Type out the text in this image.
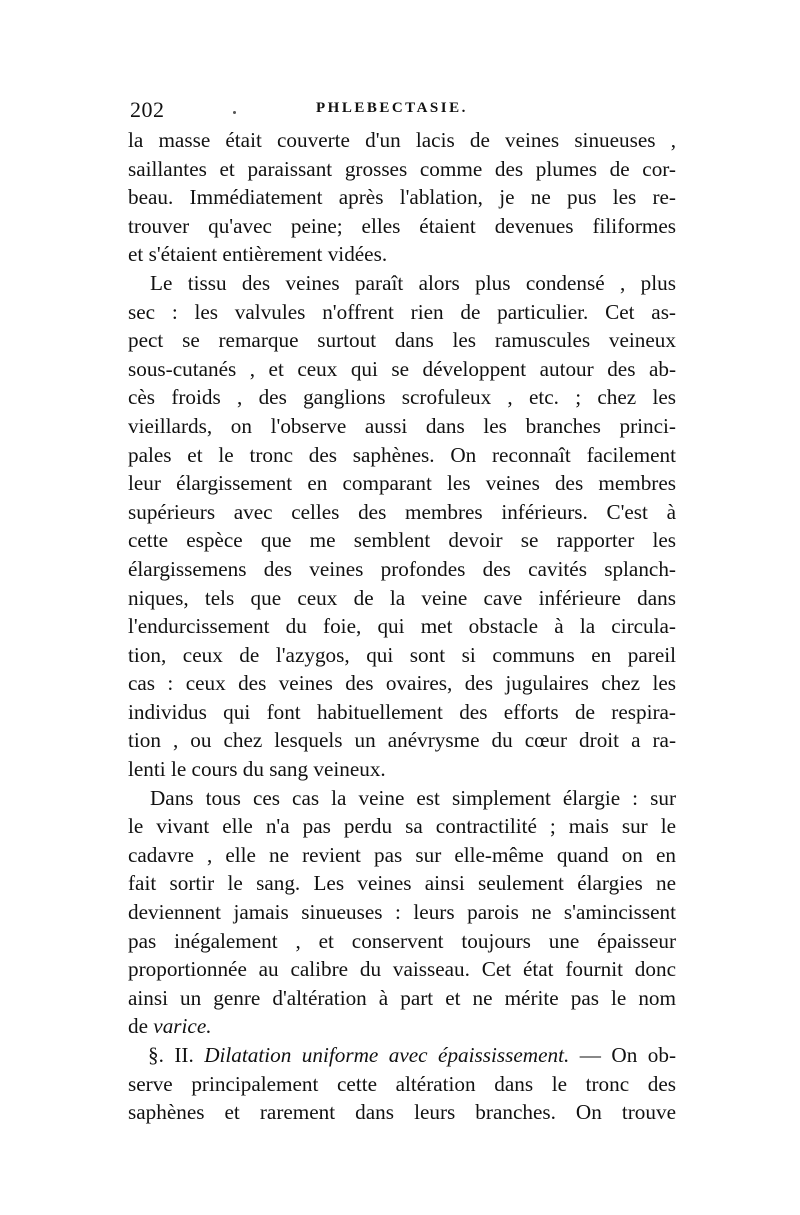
202	PHLEBECTASIE.
la masse était couverte d'un lacis de veines sinueuses ,
saillantes et paraissant grosses comme des plumes de cor-
beau. Immédiatement après l'ablation, je ne pus les re-
trouver qu'avec peine; elles étaient devenues filiformes
et s'étaient entièrement vidées.
Le tissu des veines paraît alors plus condensé , plus
sec : les valvules n'offrent rien de particulier. Cet as-
pect se remarque surtout dans les ramuscules veineux
sous-cutanés , et ceux qui se développent autour des ab-
cès froids , des ganglions scrofuleux , etc. ; chez les
vieillards, on l'observe aussi dans les branches princi-
pales et le tronc des saphènes. On reconnaît facilement
leur élargissement en comparant les veines des membres
supérieurs avec celles des membres inférieurs. C'est à
cette espèce que me semblent devoir se rapporter les
élargissemens des veines profondes des cavités splanch-
niques, tels que ceux de la veine cave inférieure dans
l'endurcissement du foie, qui met obstacle à la circula-
tion, ceux de l'azygos, qui sont si communs en pareil
cas : ceux des veines des ovaires, des jugulaires chez les
individus qui font habituellement des efforts de respira-
tion , ou chez lesquels un anévrysme du cœur droit a ra-
lenti le cours du sang veineux.
Dans tous ces cas la veine est simplement élargie : sur
le vivant elle n'a pas perdu sa contractilité ; mais sur le
cadavre , elle ne revient pas sur elle-même quand on en
fait sortir le sang. Les veines ainsi seulement élargies ne
deviennent jamais sinueuses : leurs parois ne s'amincissent
pas inégalement , et conservent toujours une épaisseur
proportionnée au calibre du vaisseau. Cet état fournit donc
ainsi un genre d'altération à part et ne mérite pas le nom
de varice.
§. II. Dilatation uniforme avec épaississement. — On ob-
serve principalement cette altération dans le tronc des
saphènes et rarement dans leurs branches. On trouve
